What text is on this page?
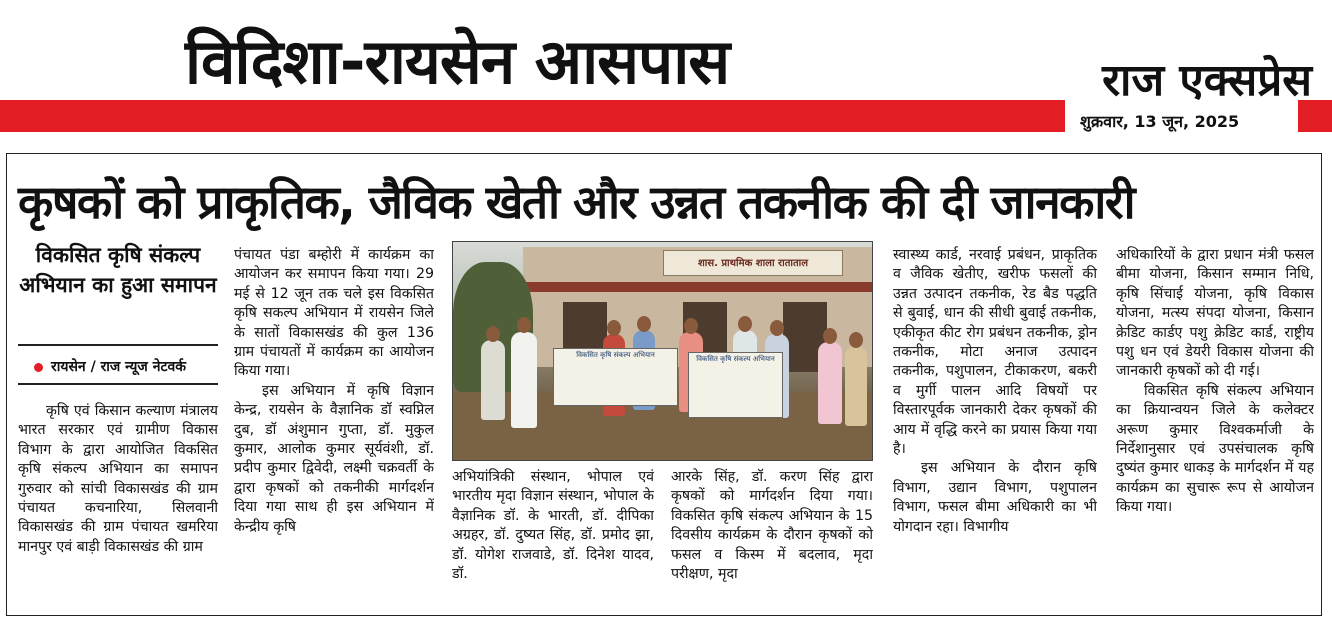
विदिशा-रायसेन आसपास	राज एक्सप्रेस
शुक्रवार, 13 जून, 2025
कृषकों को प्राकृतिक, जैविक खेती और उन्नत तकनीक की दी जानकारी
विकसित कृषि संकल्प अभियान का हुआ समापन
रायसेन / राज न्यूज नेटवर्क

कृषि एवं किसान कल्याण मंत्रालय भारत सरकार एवं ग्रामीण विकास विभाग के द्वारा आयोजित विकसित कृषि संकल्प अभियान का समापन गुरुवार को सांची विकासखंड की ग्राम पंचायत कचनारिया, सिलवानी विकासखंड की ग्राम पंचायत खमरिया मानपुर एवं बाड़ी विकासखंड की ग्राम

पंचायत पंडा बम्होरी में कार्यक्रम का आयोजन कर समापन किया गया। 29 मई से 12 जून तक चले इस विकसित कृषि सकल्प अभियान में रायसेन जिले के सातों विकासखंड की कुल 136 ग्राम पंचायतों में कार्यक्रम का आयोजन किया गया।

इस अभियान में कृषि विज्ञान केन्द्र, रायसेन के वैज्ञानिक डॉ स्वप्निल दुब, डॉ अंशुमान गुप्ता, डॉ. मुकुल कुमार, आलोक कुमार सूर्यवंशी, डॉ. प्रदीप कुमार द्विवेदी, लक्ष्मी चक्रवर्ती के द्वारा कृषकों को तकनीकी मार्गदर्शन दिया गया साथ ही इस अभियान में केन्द्रीय कृषि

शास. प्राथमिक शाला राताताल
विकसित कृषि संकल्प अभियान	विकसित कृषि संकल्प अभियान

अभियांत्रिकी संस्थान, भोपाल एवं भारतीय मृदा विज्ञान संस्थान, भोपाल के वैज्ञानिक डॉ. के भारती, डॉ. दीपिका अग्रहर, डॉ. दुष्यत सिंह, डॉ. प्रमोद झा, डॉ. योगेश राजवाडे, डॉ. दिनेश यादव, डॉ.

आरके सिंह, डॉ. करण सिंह द्वारा कृषकों को मार्गदर्शन दिया गया। विकसित कृषि संकल्प अभियान के 15 दिवसीय कार्यक्रम के दौरान कृषकों को फसल व किस्म में बदलाव, मृदा परीक्षण, मृदा

स्वास्थ्य कार्ड, नरवाई प्रबंधन, प्राकृतिक व जैविक खेतीए, खरीफ फसलों की उन्नत उत्पादन तकनीक, रेड बैड पद्धति से बुवाई, धान की सीधी बुवाई तकनीक, एकीकृत कीट रोग प्रबंधन तकनीक, ड्रोन तकनीक, मोटा अनाज उत्पादन तकनीक, पशुपालन, टीकाकरण, बकरी व मुर्गी पालन आदि विषयों पर विस्तारपूर्वक जानकारी देकर कृषकों की आय में वृद्धि करने का प्रयास किया गया है।

इस अभियान के दौरान कृषि विभाग, उद्यान विभाग, पशुपालन विभाग, फसल बीमा अधिकारी का भी योगदान रहा। विभागीय

अधिकारियों के द्वारा प्रधान मंत्री फसल बीमा योजना, किसान सम्मान निधि, कृषि सिंचाई योजना, कृषि विकास योजना, मत्स्य संपदा योजना, किसान क्रेडिट कार्डए पशु क्रेडिट कार्ड, राष्ट्रीय पशु धन एवं डेयरी विकास योजना की जानकारी कृषकों को दी गई।

विकसित कृषि संकल्प अभियान का क्रियान्वयन जिले के कलेक्टर अरूण कुमार विश्वकर्माजी के निर्देशानुसार एवं उपसंचालक कृषि दुष्यंत कुमार धाकड़ के मार्गदर्शन में यह कार्यक्रम का सुचारू रूप से आयोजन किया गया।
